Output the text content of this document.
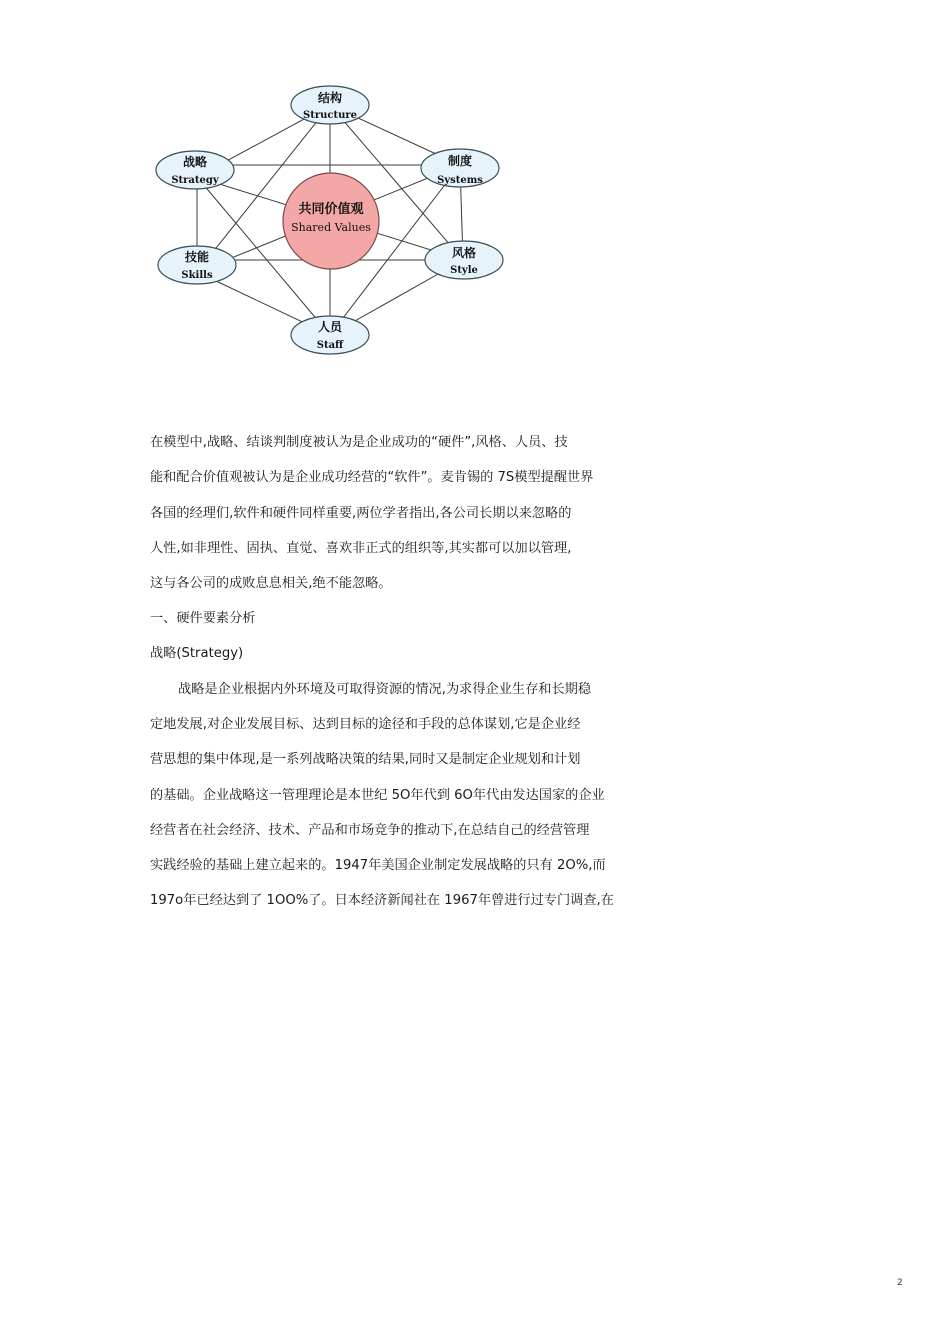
共同价值观
Shared Values
结构
Structure
制度
Systems
风格
Style
人员
Staff
技能
Skills
战略
Strategy
在模型中,战略、结谈判制度被认为是企业成功的“硬件”,风格、人员、技
能和配合价值观被认为是企业成功经营的“软件”。麦肯锡的 7S模型提醒世界
各国的经理们,软件和硬件同样重要,两位学者指出,各公司长期以来忽略的
人性,如非理性、固执、直觉、喜欢非正式的组织等,其实都可以加以管理,
这与各公司的成败息息相关,绝不能忽略。
一、硬件要素分析
战略(Strategy)
战略是企业根据内外环境及可取得资源的情况,为求得企业生存和长期稳
定地发展,对企业发展目标、达到目标的途径和手段的总体谋划,它是企业经
营思想的集中体现,是一系列战略决策的结果,同时又是制定企业规划和计划
的基础。企业战略这一管理理论是本世纪 5O年代到 6O年代由发达国家的企业
经营者在社会经济、技术、产品和市场竞争的推动下,在总结自己的经营管理
实践经验的基础上建立起来的。1947年美国企业制定发展战略的只有 2O%,而
197o年已经达到了 1OO%了。日本经济新闻社在 1967年曾进行过专门调查,在
2
